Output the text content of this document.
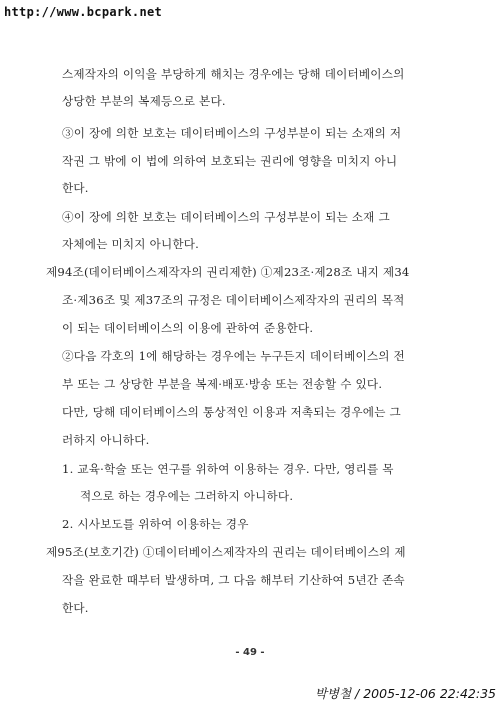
http://www.bcpark.net
스제작자의 이익을 부당하게 해치는 경우에는 당해 데이터베이스의
상당한 부분의 복제등으로 본다.
③이 장에 의한 보호는 데이터베이스의 구성부분이 되는 소재의 저
작권 그 밖에 이 법에 의하여 보호되는 권리에 영향을 미치지 아니
한다.
④이 장에 의한 보호는 데이터베이스의 구성부분이 되는 소재 그
자체에는 미치지 아니한다.
제94조(데이터베이스제작자의 권리제한) ①제23조·제28조 내지 제34
조·제36조 및 제37조의 규정은 데이터베이스제작자의 권리의 목적
이 되는 데이터베이스의 이용에 관하여 준용한다.
②다음 각호의 1에 해당하는 경우에는 누구든지 데이터베이스의 전
부 또는 그 상당한 부분을 복제·배포·방송 또는 전송할 수 있다.
다만, 당해 데이터베이스의 통상적인 이용과 저촉되는 경우에는 그
러하지 아니하다.
1. 교육·학술 또는 연구를 위하여 이용하는 경우. 다만, 영리를 목
적으로 하는 경우에는 그러하지 아니하다.
2. 시사보도를 위하여 이용하는 경우
제95조(보호기간) ①데이터베이스제작자의 권리는 데이터베이스의 제
작을 완료한 때부터 발생하며, 그 다음 해부터 기산하여 5년간 존속
한다.
- 49 -
박병철 / 2005-12-06 22:42:35
